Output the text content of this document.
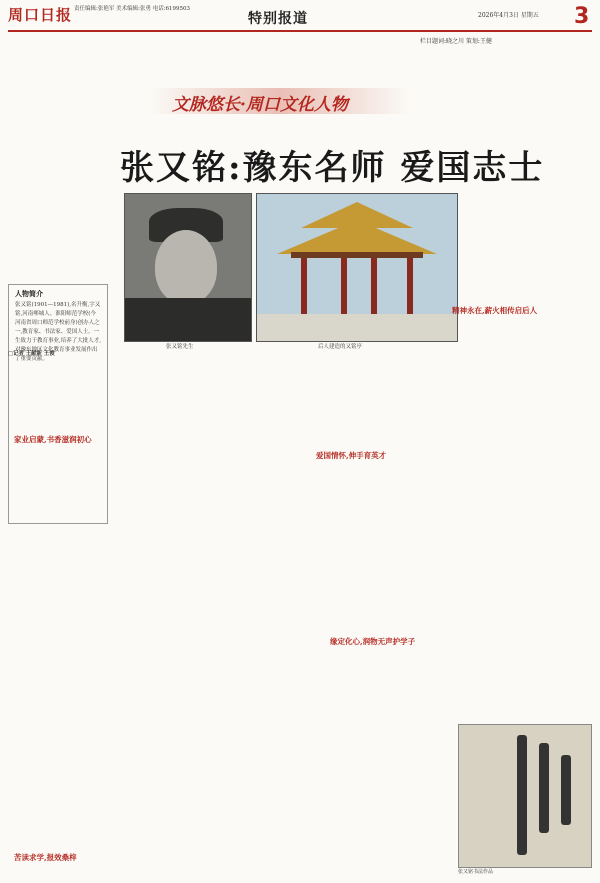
周口日报 责任编辑:张艳军 美术编辑:张勇 电话:6199503
特别报道	2026年4月3日 星期五 3
栏目题词:晓之川 策划:王健
文脉悠长·周口文化人物
张又铭:豫东名师 爱国志士
张又铭先生	后人建造的又铭亭
人物简介
张又铭(1901—1981),名升衡,字又铭,河南郸城人。淮阳师范学校(今河南省周口师范学校前身)创办人之一,教育家、书法家、爱国人士。一生致力于教育事业,培养了大批人才,对豫东地区文化教育事业发展作出了重要贡献。
□记者 王献新 王俊
家业启蒙,书香滋润初心
苦读求学,报效桑梓
爱国情怀,伸手育英才
精神永在,薪火相传启后人
缘定化心,润物无声护学子
张又铭书法作品
